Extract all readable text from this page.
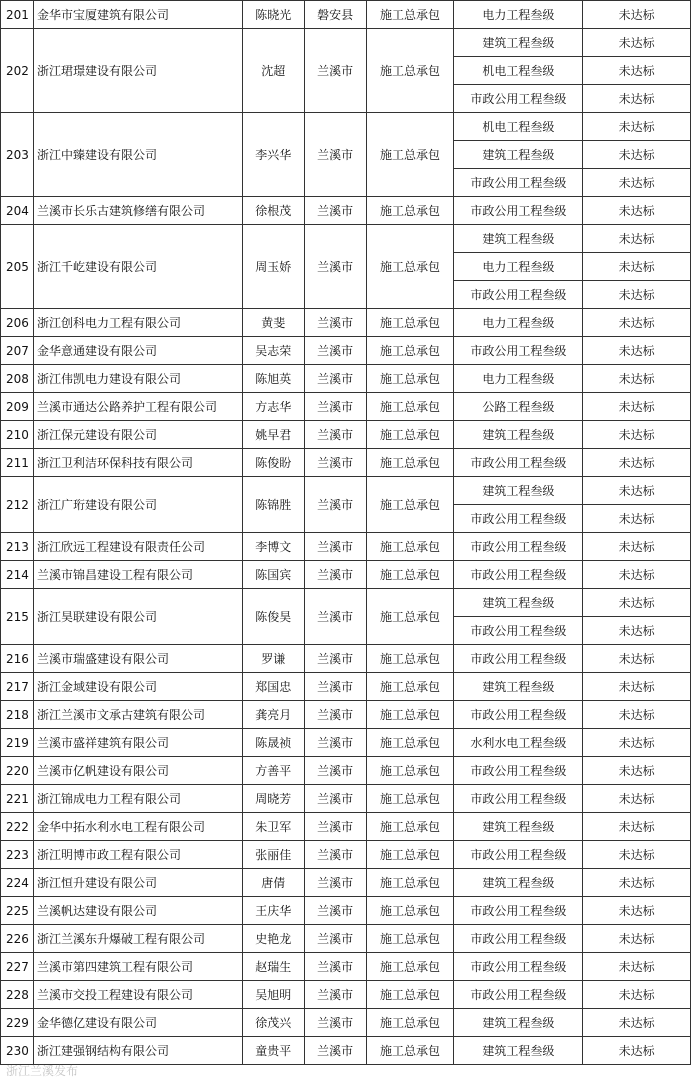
201	金华市宝厦建筑有限公司	陈晓光	磐安县	施工总承包	电力工程叁级	未达标
202	浙江珺璟建设有限公司	沈超	兰溪市	施工总承包	建筑工程叁级	未达标
					机电工程叁级	未达标
					市政公用工程叁级	未达标
203	浙江中臻建设有限公司	李兴华	兰溪市	施工总承包	机电工程叁级	未达标
					建筑工程叁级	未达标
					市政公用工程叁级	未达标
204	兰溪市长乐古建筑修缮有限公司	徐根茂	兰溪市	施工总承包	市政公用工程叁级	未达标
205	浙江千屹建设有限公司	周玉娇	兰溪市	施工总承包	建筑工程叁级	未达标
					电力工程叁级	未达标
					市政公用工程叁级	未达标
206	浙江创科电力工程有限公司	黄斐	兰溪市	施工总承包	电力工程叁级	未达标
207	金华意通建设有限公司	吴志荣	兰溪市	施工总承包	市政公用工程叁级	未达标
208	浙江伟凯电力建设有限公司	陈旭英	兰溪市	施工总承包	电力工程叁级	未达标
209	兰溪市通达公路养护工程有限公司	方志华	兰溪市	施工总承包	公路工程叁级	未达标
210	浙江保元建设有限公司	姚早君	兰溪市	施工总承包	建筑工程叁级	未达标
211	浙江卫利洁环保科技有限公司	陈俊盼	兰溪市	施工总承包	市政公用工程叁级	未达标
212	浙江广珩建设有限公司	陈锦胜	兰溪市	施工总承包	建筑工程叁级	未达标
					市政公用工程叁级	未达标
213	浙江欣远工程建设有限责任公司	李博文	兰溪市	施工总承包	市政公用工程叁级	未达标
214	兰溪市锦昌建设工程有限公司	陈国宾	兰溪市	施工总承包	市政公用工程叁级	未达标
215	浙江昊联建设有限公司	陈俊昊	兰溪市	施工总承包	建筑工程叁级	未达标
					市政公用工程叁级	未达标
216	兰溪市瑞盛建设有限公司	罗谦	兰溪市	施工总承包	市政公用工程叁级	未达标
217	浙江金域建设有限公司	郑国忠	兰溪市	施工总承包	建筑工程叁级	未达标
218	浙江兰溪市文承古建筑有限公司	龚亮月	兰溪市	施工总承包	市政公用工程叁级	未达标
219	兰溪市盛祥建筑有限公司	陈晟祯	兰溪市	施工总承包	水利水电工程叁级	未达标
220	兰溪市亿帆建设有限公司	方善平	兰溪市	施工总承包	市政公用工程叁级	未达标
221	浙江锦成电力工程有限公司	周晓芳	兰溪市	施工总承包	市政公用工程叁级	未达标
222	金华中拓水利水电工程有限公司	朱卫军	兰溪市	施工总承包	建筑工程叁级	未达标
223	浙江明博市政工程有限公司	张丽佳	兰溪市	施工总承包	市政公用工程叁级	未达标
224	浙江恒升建设有限公司	唐倩	兰溪市	施工总承包	建筑工程叁级	未达标
225	兰溪帆达建设有限公司	王庆华	兰溪市	施工总承包	市政公用工程叁级	未达标
226	浙江兰溪东升爆破工程有限公司	史艳龙	兰溪市	施工总承包	市政公用工程叁级	未达标
227	兰溪市第四建筑工程有限公司	赵瑞生	兰溪市	施工总承包	市政公用工程叁级	未达标
228	兰溪市交投工程建设有限公司	吴旭明	兰溪市	施工总承包	市政公用工程叁级	未达标
229	金华德亿建设有限公司	徐茂兴	兰溪市	施工总承包	建筑工程叁级	未达标
230	浙江建强钢结构有限公司	童贵平	兰溪市	施工总承包	建筑工程叁级	未达标
浙江兰溪发布
